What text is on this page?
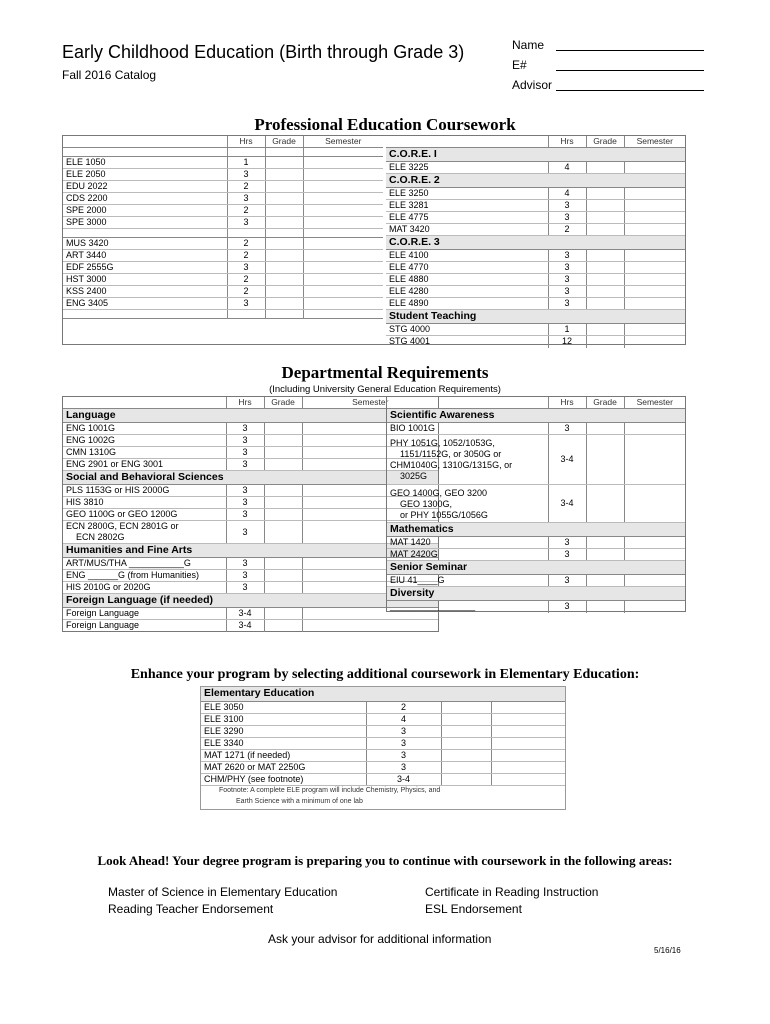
Early Childhood Education (Birth through Grade 3)
Fall 2016 Catalog
Name
E#
Advisor
Professional Education Coursework
	Hrs	Grade	Semester

ELE 1050	1		
ELE 2050	3		
EDU 2022	2		
CDS 2200	3		
SPE 2000	2		
SPE 3000	3		

MUS 3420	2		
ART 3440	2		
EDF 2555G	3		
HST 3000	2		
KSS 2400	2		
ENG 3405	3		

	Hrs	Grade	Semester
C.O.R.E. I			
ELE 3225	4		
C.O.R.E. 2			
ELE 3250	4		
ELE 3281	3		
ELE 4775	3		
MAT 3420	2		
C.O.R.E. 3			
ELE 4100	3		
ELE 4770	3		
ELE 4880	3		
ELE 4280	3		
ELE 4890	3		
Student Teaching			
STG 4000	1		
STG 4001	12		
Departmental Requirements
(Including University General Education Requirements)
	Hrs	Grade	Semester
Language			
ENG 1001G	3		
ENG 1002G	3		
CMN 1310G	3		
ENG 2901 or ENG 3001	3		
Social and Behavioral Sciences			
PLS 1153G or HIS 2000G	3		
HIS 3810	3		
GEO 1100G or GEO 1200G	3		

ECN 2800G, ECN 2801G or
ECN 2802G	3		
Humanities and Fine Arts			
ART/MUS/THA ___________G	3		
ENG ______G (from Humanities)	3		
HIS 2010G or 2020G	3		
Foreign Language (if needed)			
Foreign Language	3-4		
Foreign Language	3-4		
	Hrs	Grade	Semester
Scientific Awareness			
BIO 1001G	3		

PHY 1051G, 1052/1053G,
1151/1152G, or 3050G or
CHM1040G, 1310G/1315G, or
3025G	3-4		

GEO 1400G, GEO 3200
GEO 1300G,
or PHY 1055G/1056G	3-4		
Mathematics			
MAT 1420	3		
MAT 2420G	3		
Senior Seminar			
EIU 41____G	3		
Diversity			
_________________	3		
Enhance your program by selecting additional coursework in Elementary Education:
Elementary Education			
ELE 3050	2		
ELE 3100	4		
ELE 3290	3		
ELE 3340	3		
MAT 1271 (if needed)	3		
MAT 2620 or MAT 2250G	3		
CHM/PHY (see footnote)	3-4		
Footnote: A complete ELE program will include Chemistry, Physics, and
Earth Science with a minimum of one lab
Look Ahead! Your degree program is preparing you to continue with coursework in the following areas:
Master of Science in Elementary Education	Certificate in Reading Instruction
Reading Teacher Endorsement	ESL Endorsement
Ask your advisor for additional information
5/16/16
